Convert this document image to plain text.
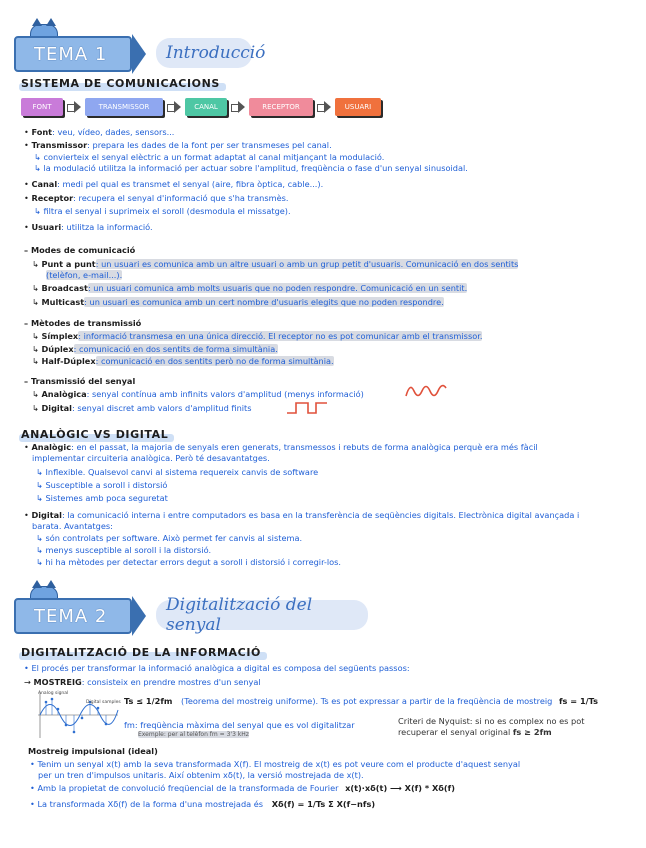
TEMA 1	Introducció
SISTEMA DE COMUNICACIONS
FONT	TRANSMISSOR	CANAL	RECEPTOR	USUARI
• Font: veu, vídeo, dades, sensors...
• Transmissor: prepara les dades de la font per ser transmeses pel canal.
↳ convierteix el senyal elèctric a un format adaptat al canal mitjançant la modulació.
↳ la modulació utilitza la informació per actuar sobre l'amplitud, freqüència o fase d'un senyal sinusoidal.
• Canal: medi pel qual es transmet el senyal (aire, fibra òptica, cable...).
• Receptor: recupera el senyal d'informació que s'ha transmès.
↳ filtra el senyal i suprimeix el soroll (desmodula el missatge).
• Usuari: utilitza la informació.
– Modes de comunicació
↳ Punt a punt: un usuari es comunica amb un altre usuari o amb un grup petit d'usuaris. Comunicació en dos sentits
(telèfon, e-mail...).
↳ Broadcast: un usuari comunica amb molts usuaris que no poden respondre. Comunicació en un sentit.
↳ Multicast: un usuari es comunica amb un cert nombre d'usuaris elegits que no poden respondre.
– Mètodes de transmissió
↳ Símplex: informació transmesa en una única direcció. El receptor no es pot comunicar amb el transmissor.
↳ Dúplex: comunicació en dos sentits de forma simultània.
↳ Half-Dúplex: comunicació en dos sentits però no de forma simultània.
– Transmissió del senyal
↳ Analògica: senyal contínua amb infinits valors d'amplitud (menys informació)
↳ Digital: senyal discret amb valors d'amplitud finits
ANALÒGIC VS DIGITAL
• Analògic: en el passat, la majoria de senyals eren generats, transmessos i rebuts de forma analògica perquè era més fàcil
implementar circuiteria analògica. Però té desavantatges.
↳ Inflexible. Qualsevol canvi al sistema requereix canvis de software
↳ Susceptible a soroll i distorsió
↳ Sistemes amb poca seguretat
• Digital: la comunicació interna i entre computadors es basa en la transferència de seqüències digitals. Electrònica digital avançada i
barata. Avantatges:
↳ són controlats per software. Això permet fer canvis al sistema.
↳ menys susceptible al soroll i la distorsió.
↳ hi ha mètodes per detectar errors degut a soroll i distorsió i corregir-los.
TEMA 2
Digitalització del senyal
DIGITALITZACIÓ DE LA INFORMACIÓ
• El procés per transformar la informació analògica a digital es composa del següents passos:
→ MOSTREIG: consisteix en prendre mostres d'un senyal
Analog signal
Digital samples Ts ≤ 1/2fm (Teorema del mostreig uniforme). Ts es pot expressar a partir de la freqüència de mostreig fs = 1/Ts
fm: freqüència màxima del senyal que es vol digitalitzar
Exemple: per al telèfon fm = 3'3 kHz
Criteri de Nyquist: si no es complex no es pot
recuperar el senyal original fs ≥ 2fm
Mostreig impulsional (ideal)
• Tenim un senyal x(t) amb la seva transformada X(f). El mostreig de x(t) es pot veure com el producte d'aquest senyal
per un tren d'impulsos unitaris. Així obtenim xδ(t), la versió mostrejada de x(t).
• Amb la propietat de convolució freqüencial de la transformada de Fourier x(t)·xδ(t) ⟶ X(f) * Xδ(f)
• La transformada Xδ(f) de la forma d'una mostrejada és Xδ(f) = 1/Ts Σ X(f−nfs)
